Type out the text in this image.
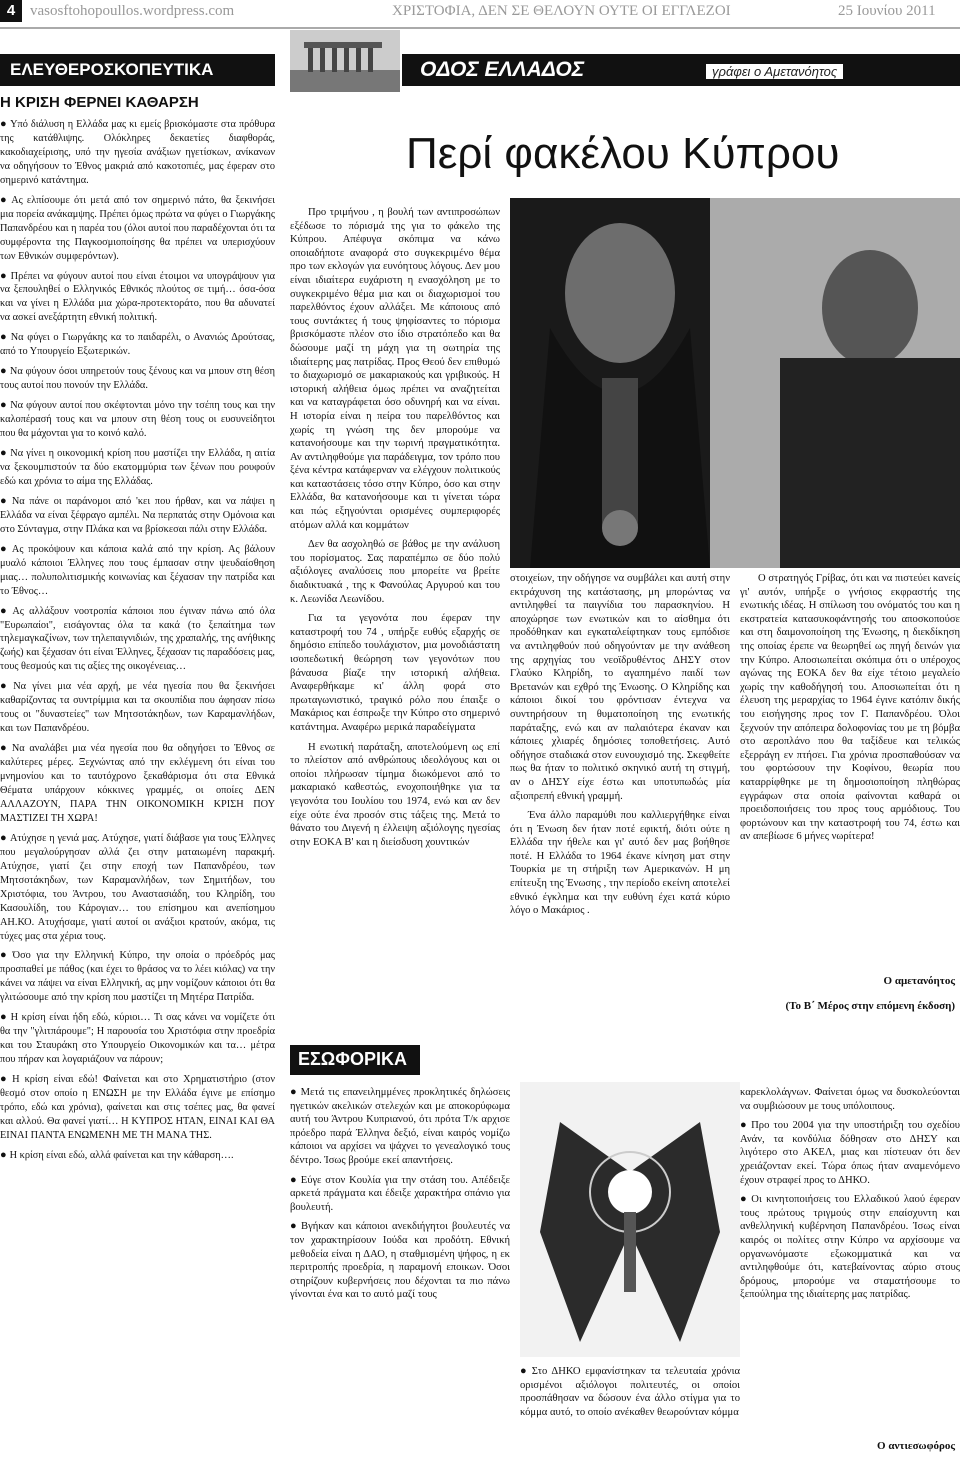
4 vasosftohopoullos.wordpress.com	ΧΡΙΣΤΟΦΙΑ, ΔΕΝ ΣΕ ΘΕΛΟΥΝ ΟΥΤΕ ΟΙ ΕΓΓΛΕΖΟΙ	25 Ιουνίου 2011
ΕΛΕΥΘΕΡΟΣΚΟΠΕΥΤΙΚΑ
Η ΚΡΙΣΗ ΦΕΡΝΕΙ ΚΑΘΑΡΣΗ

● Υπό διάλυση η Ελλάδα μας κι εμείς βρισκόμαστε στα πρόθυρα της κατάθλιψης. Ολόκληρες δεκαετίες διαφθοράς, κακοδιαχείρισης, υπό την ηγεσία ανάξιων ηγετίσκων, ανίκανων να οδηγήσουν το Έθνος μακριά από κακοτοπιές, μας έφεραν στο σημερινό κατάντημα.

● Ας ελπίσουμε ότι μετά από τον σημερινό πάτο, θα ξεκινήσει μια πορεία ανάκαμψης. Πρέπει όμως πρώτα να φύγει ο Γιωργάκης Παπανδρέου και η παρέα του (όλοι αυτοί που παραδέχονται ότι τα συμφέροντα της Παγκοσμιοποίησης θα πρέπει να υπερισχύουν των Εθνικών συμφερόντων).

● Πρέπει να φύγουν αυτοί που είναι έτοιμοι να υπογράψουν για να ξεπουληθεί ο Ελληνικός Εθνικός πλούτος σε τιμή… όσα-όσα και να γίνει η Ελλάδα μια χώρα-προτεκτοράτο, που θα αδυνατεί να ασκεί ανεξάρτητη εθνική πολιτική.

● Να φύγει ο Γιωργάκης κα το παιδαρέλι, ο Ανανιώς Δρούτσας, από το Υπουργείο Εξωτερικών.

● Να φύγουν όσοι υπηρετούν τους ξένους και να μπουν στη θέση τους αυτοί που πονούν την Ελλάδα.

● Να φύγουν αυτοί που σκέφτονται μόνο την τσέπη τους και την καλοπέρασή τους και να μπουν στη θέση τους οι ευσυνείδητοι που θα μάχονται για το κοινό καλό.

● Να γίνει η οικονομική κρίση που μαστίζει την Ελλάδα, η αιτία να ξεκουμπιστούν τα δύο εκατομμύρια των ξένων που ρουφούν εδώ και χρόνια το αίμα της Ελλάδας.

● Να πάνε οι παράνομοι από 'κει που ήρθαν, και να πάψει η Ελλάδα να είναι ξέφραγο αμπέλι. Να περπατάς στην Ομόνοια και στο Σύνταγμα, στην Πλάκα και να βρίσκεσαι πάλι στην Ελλάδα.

● Ας προκόψουν και κάποια καλά από την κρίση. Ας βάλουν μυαλό κάποιοι Έλληνες που τους έμπασαν στην ψευδαίσθηση μιας… πολυπολιτισμικής κοινωνίας και ξέχασαν την πατρίδα και το Έθνος…

● Ας αλλάξουν νοοτροπία κάποιοι που έγιναν πάνω από όλα "Ευρωπαίοι", εισάγοντας όλα τα κακά (το ξεπαίτημα των τηλεμαγκαζίνων, των τηλεπαιγνιδιών, της χραπαλής, της ανήθικης ζωής) και ξέχασαν ότι είναι Έλληνες, ξέχασαν τις παραδόσεις μας, τους θεσμούς και τις αξίες της οικογένειας…

● Να γίνει μια νέα αρχή, με νέα ηγεσία που θα ξεκινήσει καθαρίζοντας τα συντρίμμια και τα σκουπίδια που άφησαν πίσω τους οι "δυναστείες" των Μητσοτάκηδων, των Καραμανλήδων, και των Παπανδρέου.

● Να αναλάβει μια νέα ηγεσία που θα οδηγήσει το Έθνος σε καλύτερες μέρες. Ξεχνώντας από την εκλέγμενη ότι είναι του μνημονίου και το ταυτόχρονο ξεκαθάρισμα ότι στα Εθνικά Θέματα υπάρχουν κόκκινες γραμμές, οι οποίες ΔΕΝ ΑΛΛΑΖΟΥΝ, ΠΑΡΑ ΤΗΝ ΟΙΚΟΝΟΜΙΚΗ ΚΡΙΣΗ ΠΟΥ ΜΑΣΤΙΖΕΙ ΤΗ ΧΩΡΑ!

● Ατύχησε η γενιά μας. Ατύχησε, γιατί διάβασε για τους Έλληνες που μεγαλούργησαν αλλά ζει στην ματαιωμένη παρακμή. Ατύχησε, γιατί ζει στην εποχή των Παπανδρέου, των Μητσοτάκηδων, των Καραμανλήδων, των Σημιτήδων, του Χριστόφια, του Άντρου, του Αναστασιάδη, του Κληρίδη, του Κασουλίδη, του Κάρογιαν… του επίσημου και ανεπίσημου ΑΗ.ΚΟ. Ατυχήσαμε, γιατί αυτοί οι ανάξιοι κρατούν, ακόμα, τις τύχες μας στα χέρια τους.

● Όσο για την Ελληνική Κύπρο, την οποία ο πρόεδρός μας προσπαθεί με πάθος (και έχει το θράσος να το λέει κιόλας) να την κάνει να πάψει να είναι Ελληνική, ας μην νομίζουν κάποιοι ότι θα γλιτώσουμε από την κρίση που μαστίζει τη Μητέρα Πατρίδα.

● Η κρίση είναι ήδη εδώ, κύριοι… Τι σας κάνει να νομίζετε ότι θα την "γλιτπάρουμε"; Η παρουσία του Χριστόφια στην προεδρία και του Σταυράκη στο Υπουργείο Οικονομικών και τα… μέτρα που πήραν και λογαριάζουν να πάρουν;

● Η κρίση είναι εδώ! Φαίνεται και στο Χρηματιστήριο (στον θεσμό στον οποίο η ΕΝΩΣΗ με την Ελλάδα έγινε με επίσημο τρόπο, εδώ και χρόνια), φαίνεται και στις τσέπες μας, θα φανεί και αλλού. Θα φανεί γιατί… Η ΚΥΠΡΟΣ ΗΤΑΝ, ΕΙΝΑΙ ΚΑΙ ΘΑ ΕΙΝΑΙ ΠΑΝΤΑ ΕΝΩΜΕΝΗ ΜΕ ΤΗ ΜΑΝΑ ΤΗΣ.

● Η κρίση είναι εδώ, αλλά φαίνεται και την κάθαρση….

ΟΔΟΣ ΕΛΛΑΔΟΣ	γράφει ο Αμετανόητος
Περί φακέλου Κύπρου

Προ τριμήνου , η βουλή των αντιπροσώπων εξέδωσε το πόρισμά της για το φάκελο της Κύπρου. Απέφυγα σκόπιμα να κάνω οποιαδήποτε αναφορά στο συγκεκριμένο θέμα προ των εκλογών για ευνόητους λόγους. Δεν μου είναι ιδιαίτερα ευχάριστη η ενασχόληση με το συγκεκριμένο θέμα μια και οι διαχωρισμοί του παρελθόντος έχουν αλλάξει. Με κάποιους από τους συντάκτες ή τους ψηφίσαντες το πόρισμα βρισκόμαστε πλέον στο ίδιο στρατόπεδο και θα δώσουμε μαζί τη μάχη για τη σωτηρία της ιδιαίτερης μας πατρίδας. Προς Θεού δεν επιθυμώ το διαχωρισμό σε μακαριακούς και γριβικούς. Η ιστορική αλήθεια όμως πρέπει να αναζητείται και να καταγράφεται όσο οδυνηρή και να είναι. Η ιστορία είναι η πείρα του παρελθόντος και χωρίς τη γνώση της δεν μπορούμε να κατανοήσουμε και την τωρινή πραγματικότητα. Αν αντιληφθούμε για παράδειγμα, τον τρόπο που ξένα κέντρα κατάφερναν να ελέγχουν πολιτικούς και καταστάσεις τόσο στην Κύπρο, όσο και στην Ελλάδα, θα κατανοήσουμε και τι γίνεται τώρα και πώς εξηγούνται ορισμένες συμπεριφορές ατόμων αλλά και κομμάτων

Δεν θα ασχοληθώ σε βάθος με την ανάλυση του πορίσματος. Σας παραπέμπω σε δύο πολύ αξιόλογες αναλύσεις που μπορείτε να βρείτε διαδικτυακά , της κ Φανούλας Αργυρού και του κ. Λεωνίδα Λεωνίδου.

Για τα γεγονότα που έφεραν την καταστροφή του 74 , υπήρξε ευθύς εξαρχής σε δημόσιο επίπεδο τουλάχιστον, μια μονοδιάστατη ισοπεδωτική θεώρηση των γεγονότων που βάναυσα βίαζε την ιστορική αλήθεια. Αναφερθήκαμε κι' άλλη φορά στο πρωταγωνιστικό, τραγικό ρόλο που έπαιξε ο Μακάριος και έσπρωξε την Κύπρο στο σημερινό κατάντημα. Αναφέρω μερικά παραδείγματα

Η ενωτική παράταξη, αποτελούμενη ως επί το πλείστον από ανθρώπους ιδεολόγους και οι οποίοι πλήρωσαν τίμημα διωκόμενοι από το μακαριακό καθεστώς, ενοχοποιήθηκε για τα γεγονότα του Ιουλίου του 1974, ενώ και αν δεν είχε ούτε ένα προσόν στις τάξεις της. Μετά το θάνατο του Διγενή η έλλειψη αξιόλογης ηγεσίας στην ΕΟΚΑ Β' και η διείσδυση χουντικών

στοιχείων, την οδήγησε να συμβάλει και αυτή στην εκτράχυνση της κατάστασης, μη μπορώντας να αντιληφθεί τα παιγνίδια του παρασκηνίου. Η αποχώρησε των ενωτικών και το αίσθημα ότι προδόθηκαν και εγκαταλείφτηκαν τους εμπόδισε να αντιληφθούν πού οδηγούνταν με την ανάθεση της αρχηγίας του νεοϊδρυθέντος ΔΗΣΥ στον Γλαύκο Κληρίδη, το αγαπημένο παιδί των Βρετανών και εχθρό της Ένωσης. Ο Κληρίδης και κάποιοι δικοί του φρόντισαν έντεχνα να συντηρήσουν τη θυματοποίηση της ενωτικής παράταξης, ενώ και αν παλαιότερα έκαναν και κάποιες χλιαρές δημόσιες τοποθετήσεις. Αυτό οδήγησε σταδιακά στον ευνουχισμό της. Σκεφθείτε πως θα ήταν το πολιτικό σκηνικό αυτή τη στιγμή, αν ο ΔΗΣΥ είχε έστω και υποτυπωδώς μία αξιοπρεπή εθνική γραμμή.

Ένα άλλο παραμύθι που καλλιεργήθηκε είναι ότι η Ένωση δεν ήταν ποτέ εφικτή, διότι ούτε η Ελλάδα την ήθελε και γι' αυτό δεν μας βοήθησε ποτέ. Η Ελλάδα το 1964 έκανε κίνηση ματ στην Τουρκία με τη στήριξη των Αμερικανών. Η μη επίτευξη της Ένωσης , την περίοδο εκείνη αποτελεί εθνικό έγκλημα και την ευθύνη έχει κατά κύριο λόγο ο Μακάριος .

Ο στρατηγός Γρίβας, ότι και να πιστεύει κανείς γι' αυτόν, υπήρξε ο γνήσιος εκφραστής της ενωτικής ιδέας. Η σπίλωση του ονόματός του και η εκστρατεία κατασυκοφάντησής του αποσκοπούσε και στη δαιμονοποίηση της Ένωσης, η διεκδίκηση της οποίας έρεπε να θεωρηθεί ως πηγή δεινών για την Κύπρο. Αποσιωπείται σκόπιμα ότι ο υπέροχος αγώνας της ΕΟΚΑ δεν θα είχε τέτοιο μεγαλείο χωρίς την καθοδήγησή του. Αποσιωπείται ότι η έλευση της μεραρχίας το 1964 έγινε κατόπιν δικής του εισήγησης προς τον Γ. Παπανδρέου. Όλοι ξεχνούν την απόπειρα δολοφονίας του με τη βόμβα στο αεροπλάνο που θα ταξίδευε και τελικώς εξερράγη εν πτήσει. Για χρόνια προσπαθούσαν να του φορτώσουν την Κοφίνου, θεωρία που καταρρίφθηκε με τη δημοσιοποίηση πληθώρας εγγράφων στα οποία φαίνονται καθαρά οι προειδοποιήσεις του προς τους αρμόδιους. Του φορτώνουν και την καταστροφή του 74, έστω και αν απεβίωσε 6 μήνες νωρίτερα!

Ο αμετανόητος
(Το Β΄ Μέρος στην επόμενη έκδοση)
ΕΣΩΦΟΡΙΚΑ

● Μετά τις επανειλημμένες προκλητικές δηλώσεις ηγετικών ακελικών στελεχών και με αποκορύφωμα αυτή του Άντρου Κυπριανού, ότι πρότα Τ/κ αρχισε πρόεδρο παρά Έλληνα δεξιό, είναι καιρός νομίζω κάποιοι να αρχίσει να ψάχνει το γενεαλογικό τους δέντρο. Ίσως βρούμε εκεί απαντήσεις.

● Εύγε στον Κουλία για την στάση του. Απέδειξε αρκετά πράγματα και έδειξε χαρακτήρα σπάνιο για βουλευτή.

● Βγήκαν και κάποιοι ανεκδιήγητοι βουλευτές να τον χαρακτηρίσουν Ιούδα και προδότη. Εθνική μεθοδεία είναι η ΔΑΟ, η σταθμισμένη ψήφος, η εκ περιτροπής προεδρία, η παραμονή εποικων. Όσοι στηρίζουν κυβερνήσεις που δέχονται τα πιο πάνω γίνονται ένα και το αυτό μαζί τους

● Στο ΔΗΚΟ εμφανίστηκαν τα τελευταία χρόνια ορισμένοι αξιόλογοι πολιτευτές, οι οποίοι προσπάθησαν να δώσουν ένα άλλο στίγμα για το κόμμα αυτό, το οποίο ανέκαθεν θεωρούνταν κόμμα

καρεκλολάγνων. Φαίνεται όμως να δυσκολεύονται να συμβιώσουν με τους υπόλοιπους.

● Προ του 2004 για την υποστήριξη του σχεδίου Ανάν, τα κονδύλια δόθησαν στο ΔΗΣΥ και λιγότερο στο ΑΚΕΛ, μιας και πίστευαν ότι δεν χρειάζονταν εκεί. Τώρα όπως ήταν αναμενόμενο έχουν στραφεί προς το ΔΗΚΟ.

● Οι κινητοποιήσεις του Ελλαδικού λαού έφεραν τους πρώτους τριγμούς στην επαίσχυντη και ανθελληνική κυβέρνηση Παπανδρέου. Ίσως είναι καιρός οι πολίτες στην Κύπρο να αρχίσουμε να οργανωνόμαστε εξωκομματικά και να αντιληφθούμε ότι, κατεβαίνοντας αύριο στους δρόμους, μπορούμε να σταματήσουμε το ξεπούλημα της ιδιαίτερης μας πατρίδας.

Ο αντιεσωφόρος
